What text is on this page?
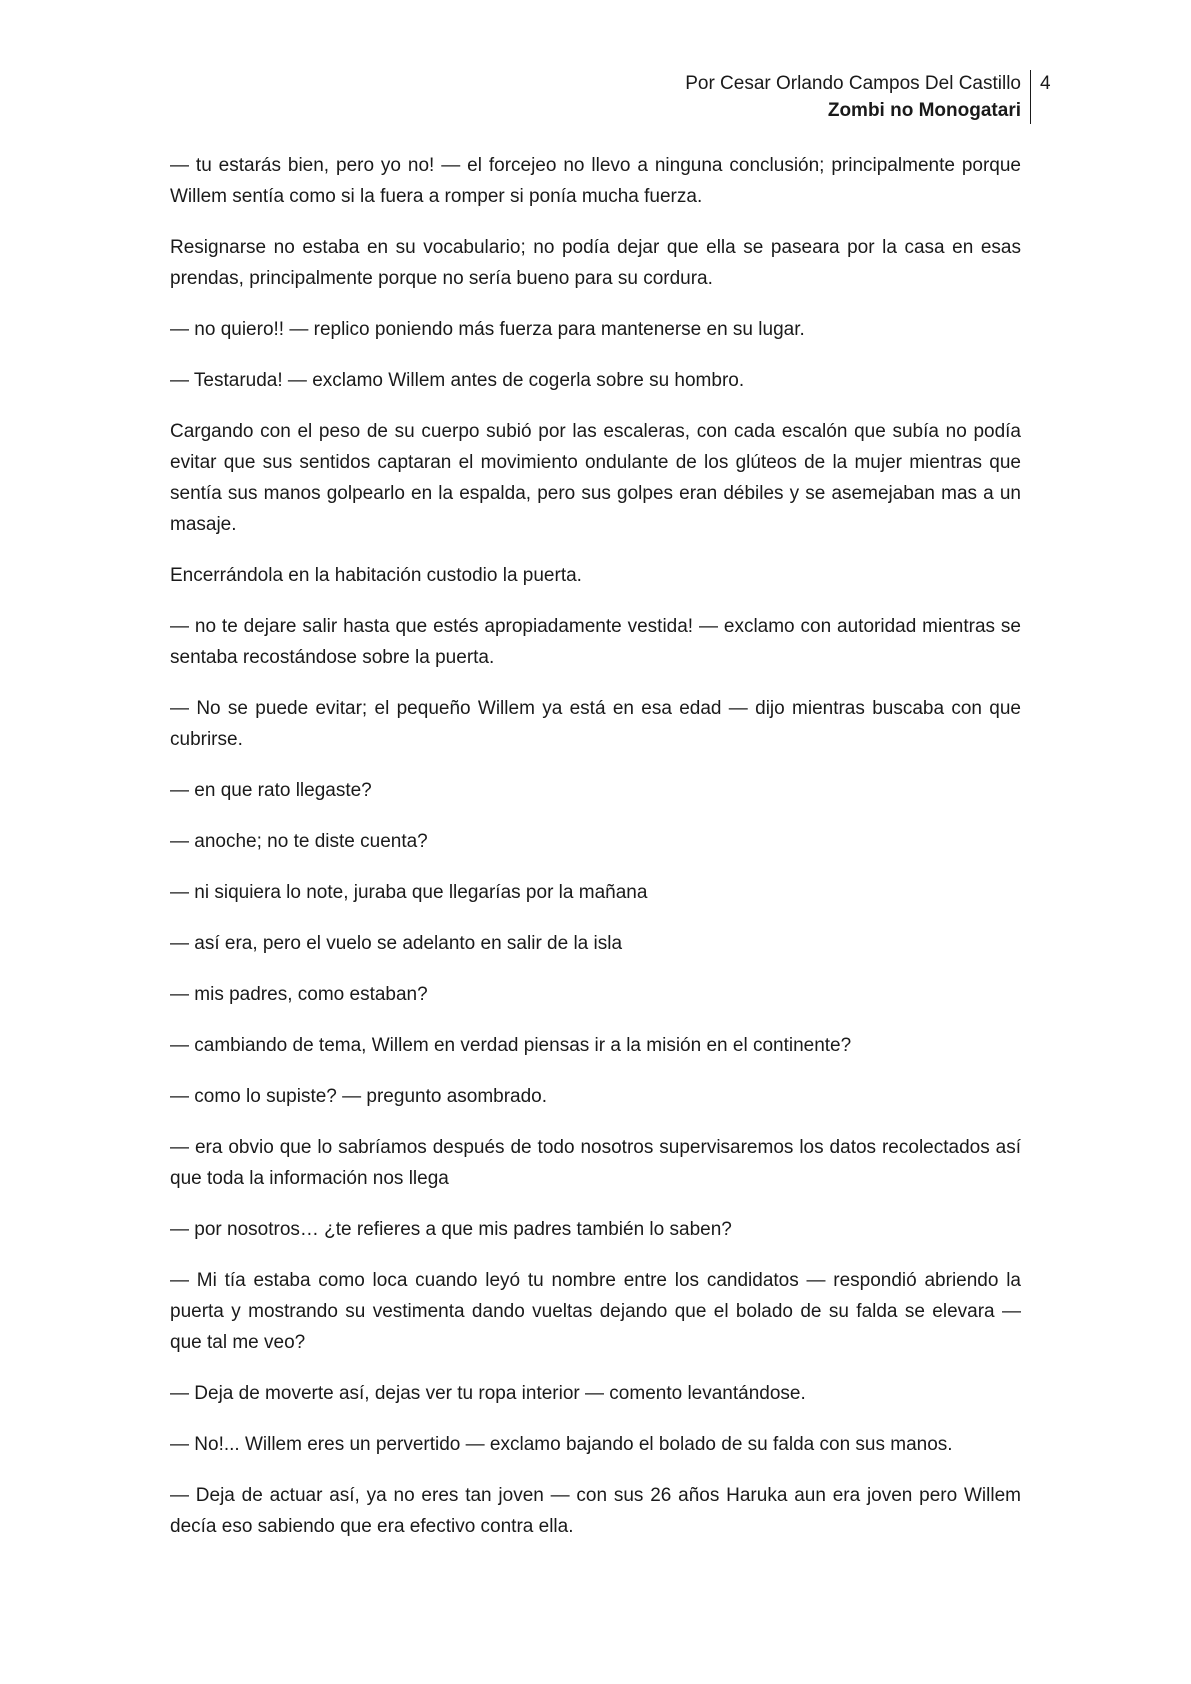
Por Cesar Orlando Campos Del Castillo
Zombi no Monogatari
4

— tu estarás bien, pero yo no! — el forcejeo no llevo a ninguna conclusión; principalmente porque Willem sentía como si la fuera a romper si ponía mucha fuerza.

Resignarse no estaba en su vocabulario; no podía dejar que ella se paseara por la casa en esas prendas, principalmente porque no sería bueno para su cordura.

— no quiero!! — replico poniendo más fuerza para mantenerse en su lugar.

— Testaruda! — exclamo Willem antes de cogerla sobre su hombro.

Cargando con el peso de su cuerpo subió por las escaleras, con cada escalón que subía no podía evitar que sus sentidos captaran el movimiento ondulante de los glúteos de la mujer mientras que sentía sus manos golpearlo en la espalda, pero sus golpes eran débiles y se asemejaban mas a un masaje.

Encerrándola en la habitación custodio la puerta.

— no te dejare salir hasta que estés apropiadamente vestida! — exclamo con autoridad mientras se sentaba recostándose sobre la puerta.

— No se puede evitar; el pequeño Willem ya está en esa edad — dijo mientras buscaba con que cubrirse.

— en que rato llegaste?

— anoche; no te diste cuenta?

— ni siquiera lo note, juraba que llegarías por la mañana

— así era, pero el vuelo se adelanto en salir de la isla

— mis padres, como estaban?

— cambiando de tema, Willem en verdad piensas ir a la misión en el continente?

— como lo supiste? — pregunto asombrado.

— era obvio que lo sabríamos después de todo nosotros supervisaremos los datos recolectados así que toda la información nos llega

— por nosotros… ¿te refieres a que mis padres también lo saben?

— Mi tía estaba como loca cuando leyó tu nombre entre los candidatos — respondió abriendo la puerta y mostrando su vestimenta dando vueltas dejando que el bolado de su falda se elevara — que tal me veo?

— Deja de moverte así, dejas ver tu ropa interior — comento levantándose.

— No!... Willem eres un pervertido — exclamo bajando el bolado de su falda con sus manos.

— Deja de actuar así, ya no eres tan joven — con sus 26 años Haruka aun era joven pero Willem decía eso sabiendo que era efectivo contra ella.
